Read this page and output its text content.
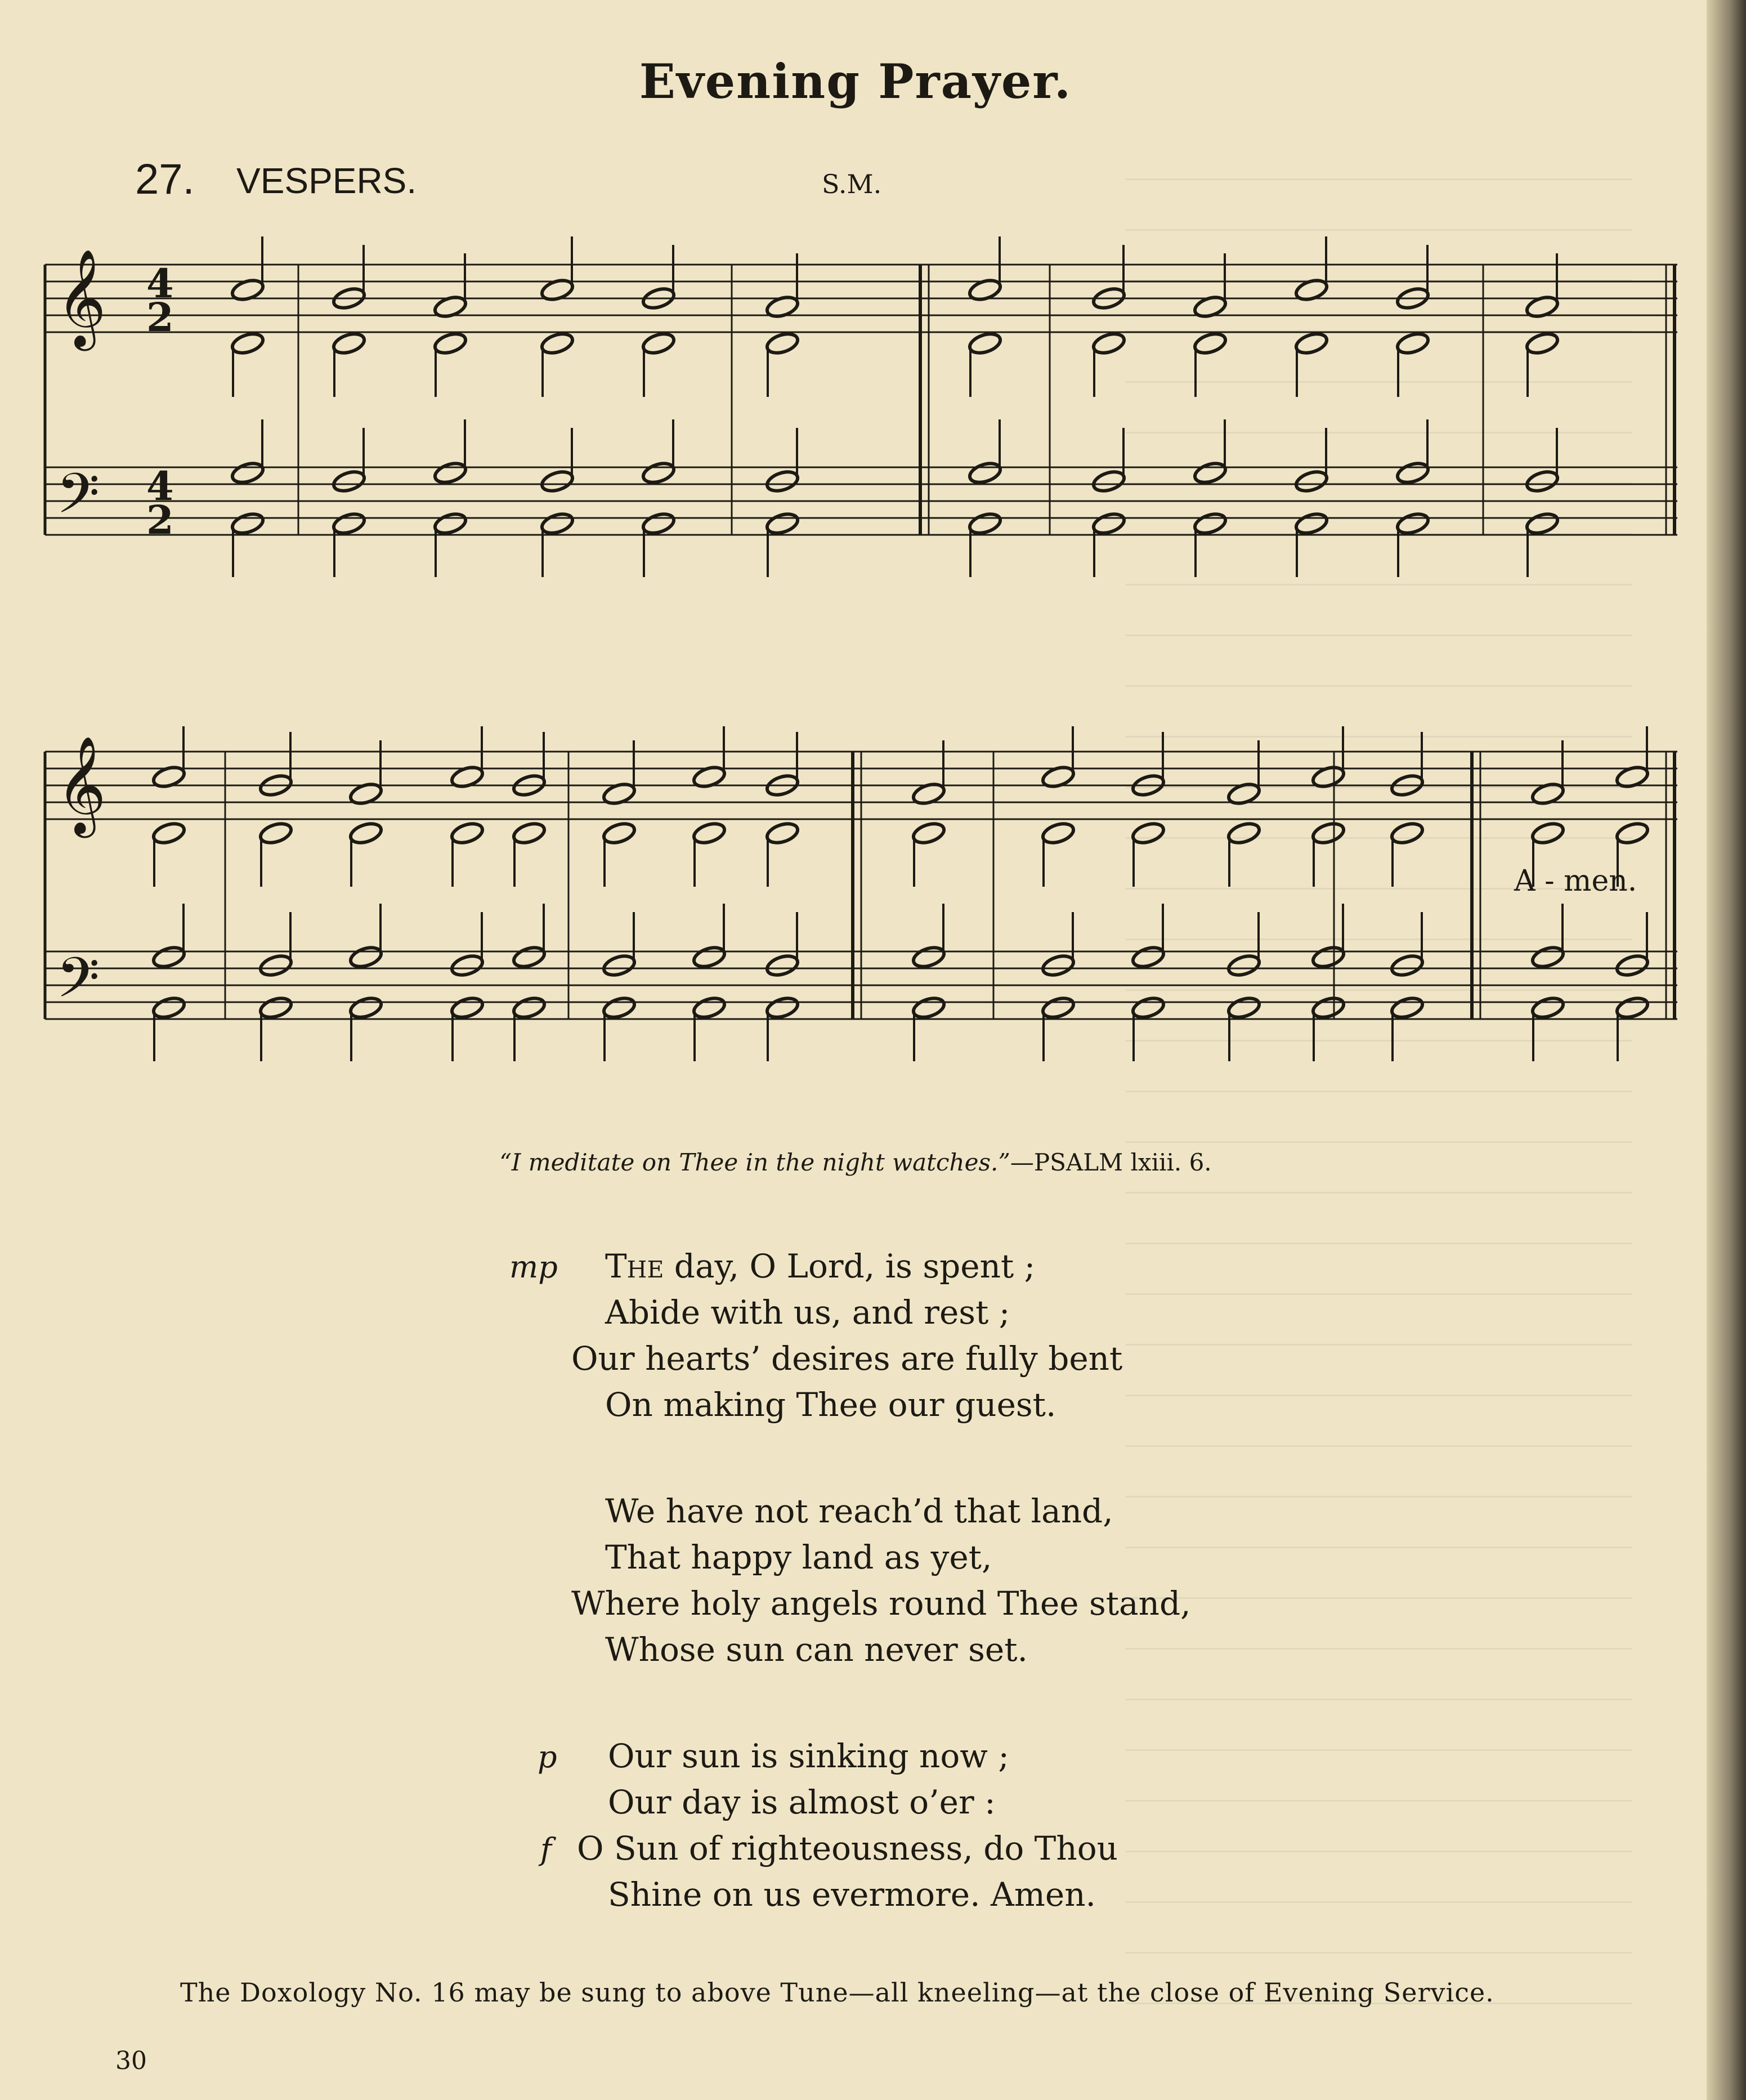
Evening Prayer.
27. VESPERS.	S.M.
𝄞
𝄢
4
2
4
2
𝄞
𝄢
A - men.
“I meditate on Thee in the night watches.”—PSALM lxiii. 6.
mp The day, O Lord, is spent ;
Abide with us, and rest ;
Our hearts’ desires are fully bent
On making Thee our guest.
We have not reach’d that land,
That happy land as yet,
Where holy angels round Thee stand,
Whose sun can never set.
p Our sun is sinking now ;
Our day is almost o’er :
f O Sun of righteousness, do Thou
Shine on us evermore. Amen.
The Doxology No. 16 may be sung to above Tune—all kneeling—at the close of Evening Service.
30
